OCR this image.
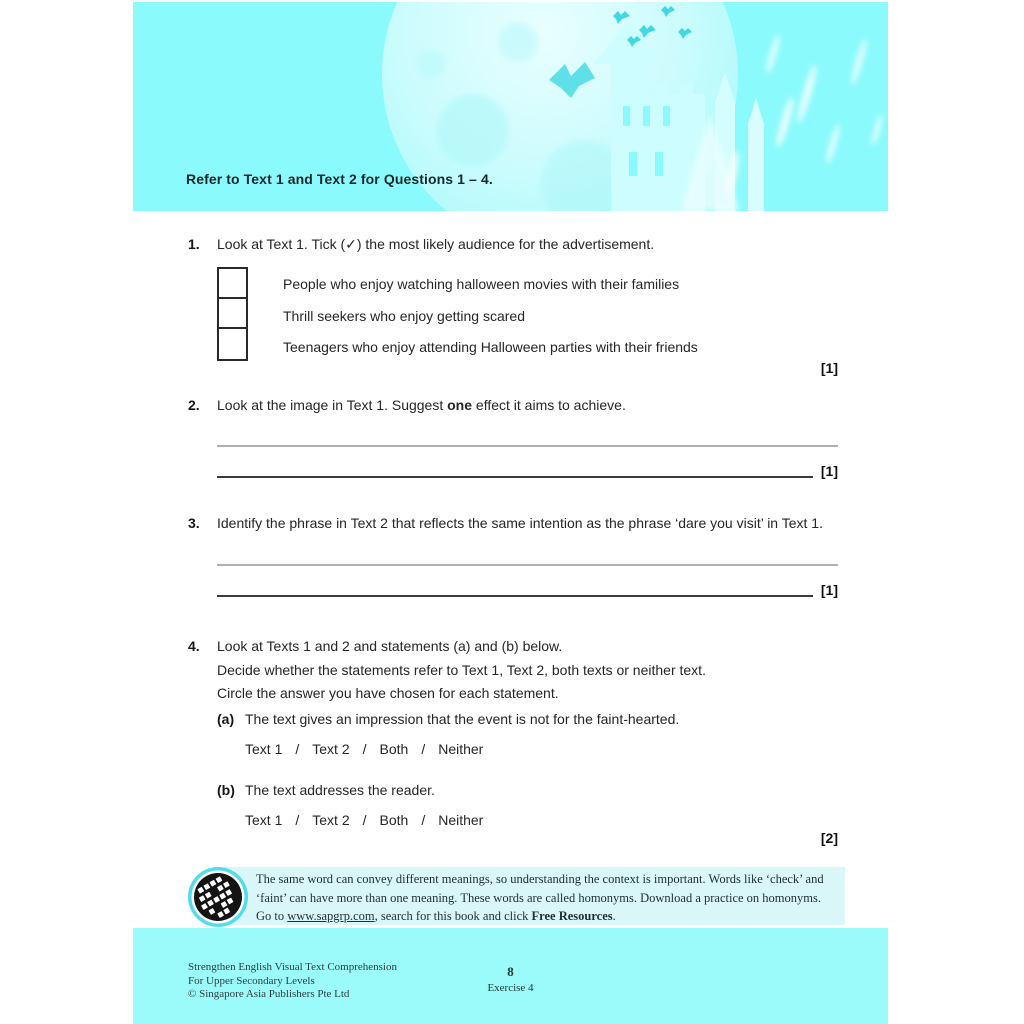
Refer to Text 1 and Text 2 for Questions 1 – 4.
1. Look at Text 1. Tick (✓) the most likely audience for the advertisement.
People who enjoy watching halloween movies with their families
Thrill seekers who enjoy getting scared
Teenagers who enjoy attending Halloween parties with their friends
[1]
2. Look at the image in Text 1. Suggest one effect it aims to achieve.
[1]
3. Identify the phrase in Text 2 that reflects the same intention as the phrase ‘dare you visit’ in Text 1.
[1]
4.	Look at Texts 1 and 2 and statements (a) and (b) below.
Decide whether the statements refer to Text 1, Text 2, both texts or neither text.
Circle the answer you have chosen for each statement.
(a) The text gives an impression that the event is not for the faint-hearted.
Text 1 / Text 2 / Both / Neither
(b) The text addresses the reader.
Text 1 / Text 2 / Both / Neither
[2]
The same word can convey different meanings, so understanding the context is important. Words like ‘check’ and
‘faint’ can have more than one meaning. These words are called homonyms. Download a practice on homonyms.
Go to www.sapgrp.com, search for this book and click Free Resources.
Strengthen English Visual Text Comprehension
For Upper Secondary Levels
© Singapore Asia Publishers Pte Ltd
8
Exercise 4
